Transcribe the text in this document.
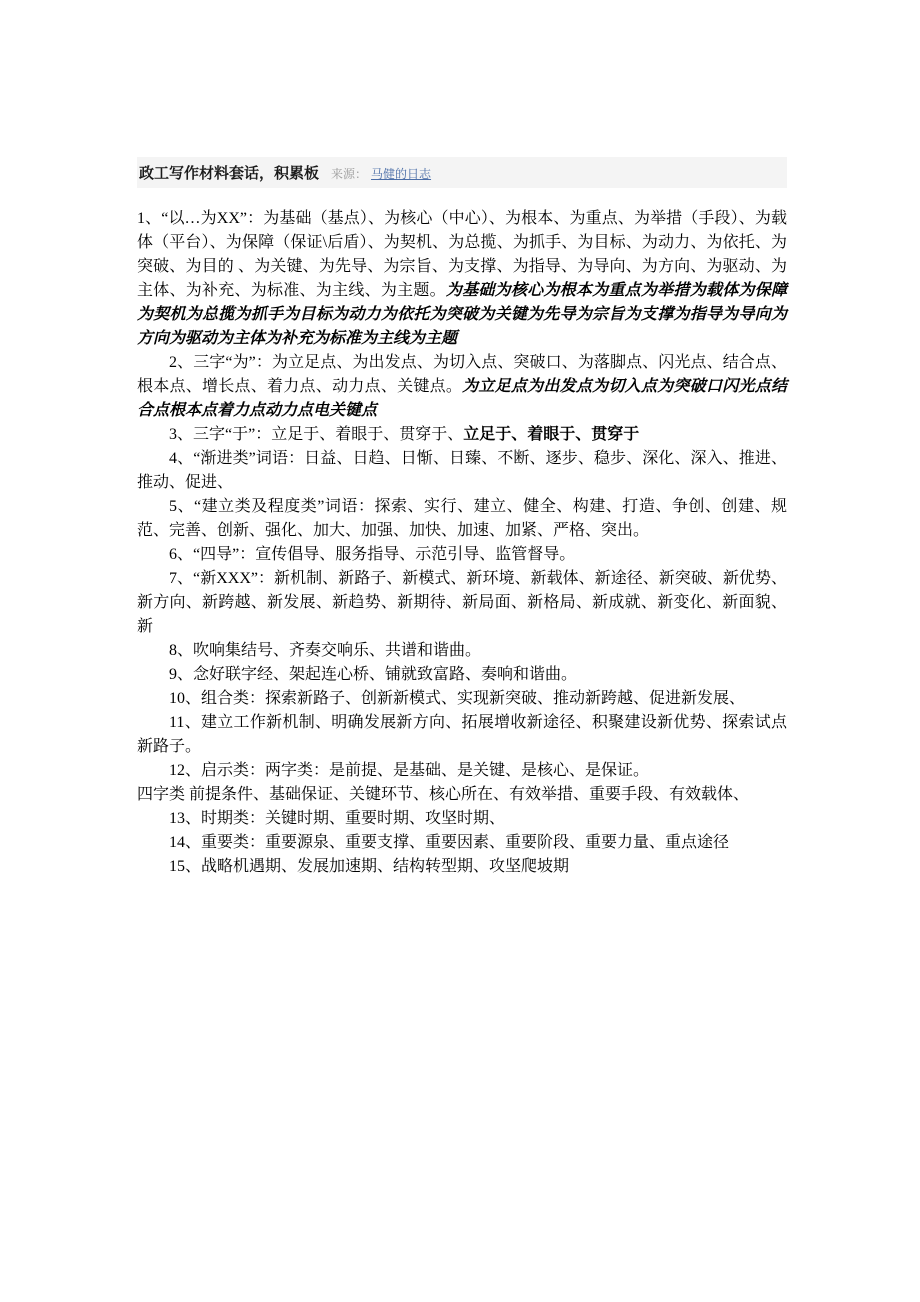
政工写作材料套话，积累板 来源： 马健的日志

1、“以…为XX”：为基础（基点）、为核心（中心）、为根本、为重点、为举措（手段）、为载体（平台）、为保障（保证\后盾）、为契机、为总揽、为抓手、为目标、为动力、为依托、为突破、为目的 、为关键、为先导、为宗旨、为支撑、为指导、为导向、为方向、为驱动、为主体、为补充、为标准、为主线、为主题。为基础为核心为根本为重点为举措为载体为保障为契机为总揽为抓手为目标为动力为依托为突破为关键为先导为宗旨为支撑为指导为导向为方向为驱动为主体为补充为标准为主线为主题

2、三字“为”：为立足点、为出发点、为切入点、突破口、为落脚点、闪光点、结合点、根本点、增长点、着力点、动力点、关键点。为立足点为出发点为切入点为突破口闪光点结合点根本点着力点动力点电关键点

3、三字“于”：立足于、着眼于、贯穿于、立足于、着眼于、贯穿于

4、“渐进类”词语：日益、日趋、日惭、日臻、不断、逐步、稳步、深化、深入、推进、推动、促进、

5、“建立类及程度类”词语：探索、实行、建立、健全、构建、打造、争创、创建、规范、完善、创新、强化、加大、加强、加快、加速、加紧、严格、突出。

6、“四导”：宣传倡导、服务指导、示范引导、监管督导。

7、“新XXX”：新机制、新路子、新模式、新环境、新载体、新途径、新突破、新优势、新方向、新跨越、新发展、新趋势、新期待、新局面、新格局、新成就、新变化、新面貌、新

8、吹响集结号、齐奏交响乐、共谱和谐曲。

9、念好联字经、架起连心桥、铺就致富路、奏响和谐曲。

10、组合类：探索新路子、创新新模式、实现新突破、推动新跨越、促进新发展、

11、建立工作新机制、明确发展新方向、拓展增收新途径、积聚建设新优势、探索试点新路子。

12、启示类：两字类：是前提、是基础、是关键、是核心、是保证。

四字类 前提条件、基础保证、关键环节、核心所在、有效举措、重要手段、有效载体、

13、时期类：关键时期、重要时期、攻坚时期、

14、重要类：重要源泉、重要支撑、重要因素、重要阶段、重要力量、重点途径

15、战略机遇期、发展加速期、结构转型期、攻坚爬坡期
